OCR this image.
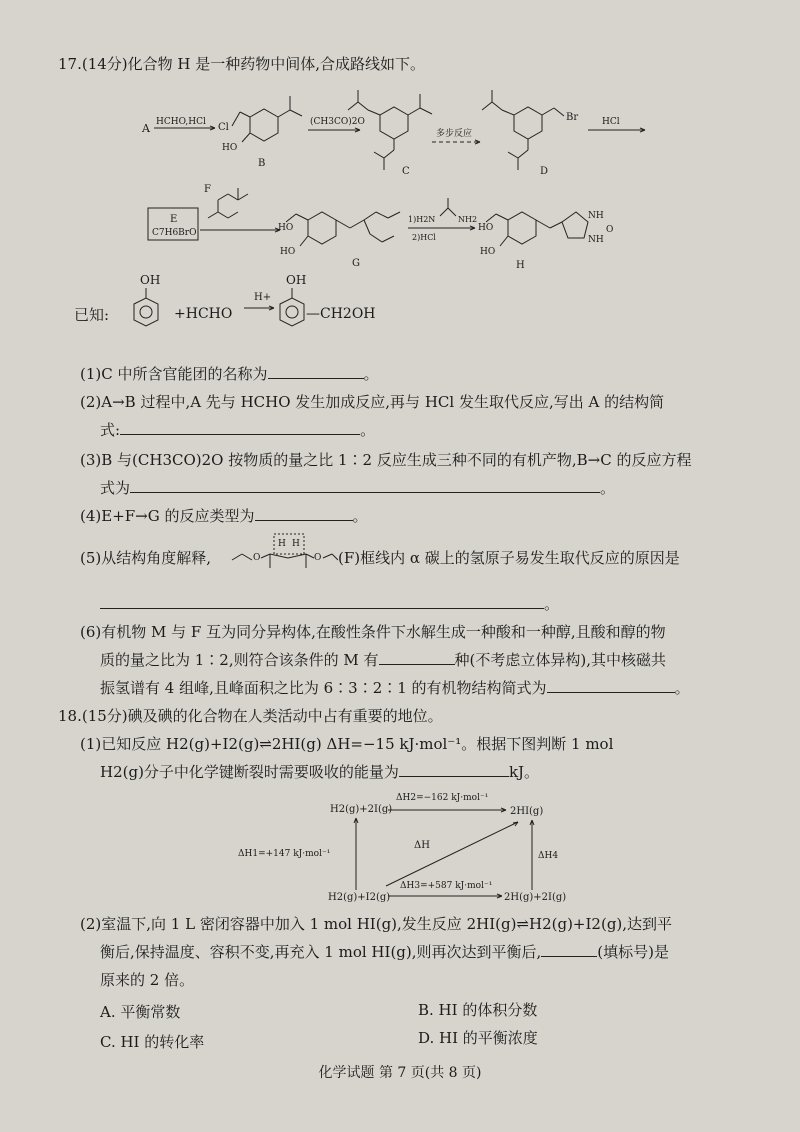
17.(14分)化合物 H 是一种药物中间体,合成路线如下。
A HCHO,HCl Cl
HO
B
(CH3CO)2O
C
多步反应
Br
D
HCl
F
E
C7H6BrO	HO
HO
G
1)H2N	NH2
2)HCl
HO
HO
NH
NH
O
H
已知:
OH
+HCHO
H+
OH
—CH2OH
(1)C 中所含官能团的名称为	。
(2)A→B 过程中,A 先与 HCHO 发生加成反应,再与 HCl 发生取代反应,写出 A 的结构简
式:	。
(3)B 与(CH3CO)2O 按物质的量之比 1∶2 反应生成三种不同的有机产物,B→C 的反应方程
式为	。
(4)E+F→G 的反应类型为	。
(5)从结构角度解释,	O
H H
O (F)框线内 α 碳上的氢原子易发生取代反应的原因是
。
(6)有机物 M 与 F 互为同分异构体,在酸性条件下水解生成一种酸和一种醇,且酸和醇的物
质的量之比为 1∶2,则符合该条件的 M 有	种(不考虑立体异构),其中核磁共
振氢谱有 4 组峰,且峰面积之比为 6∶3∶2∶1 的有机物结构简式为	。
18.(15分)碘及碘的化合物在人类活动中占有重要的地位。
(1)已知反应 H2(g)+I2(g)⇌2HI(g) ΔH=−15 kJ·mol⁻¹。根据下图判断 1 mol
H2(g)分子中化学键断裂时需要吸收的能量为	kJ。
H2(g)+2I(g)
ΔH2=−162 kJ·mol⁻¹
2HI(g)
ΔH1=+147 kJ·mol⁻¹
ΔH
ΔH4
H2(g)+I2(g)
ΔH3=+587 kJ·mol⁻¹
2H(g)+2I(g)
(2)室温下,向 1 L 密闭容器中加入 1 mol HI(g),发生反应 2HI(g)⇌H2(g)+I2(g),达到平
衡后,保持温度、容积不变,再充入 1 mol HI(g),则再次达到平衡后,	(填标号)是
原来的 2 倍。
A. 平衡常数	B. HI 的体积分数
C. HI 的转化率	D. HI 的平衡浓度
化学试题 第 7 页(共 8 页)
